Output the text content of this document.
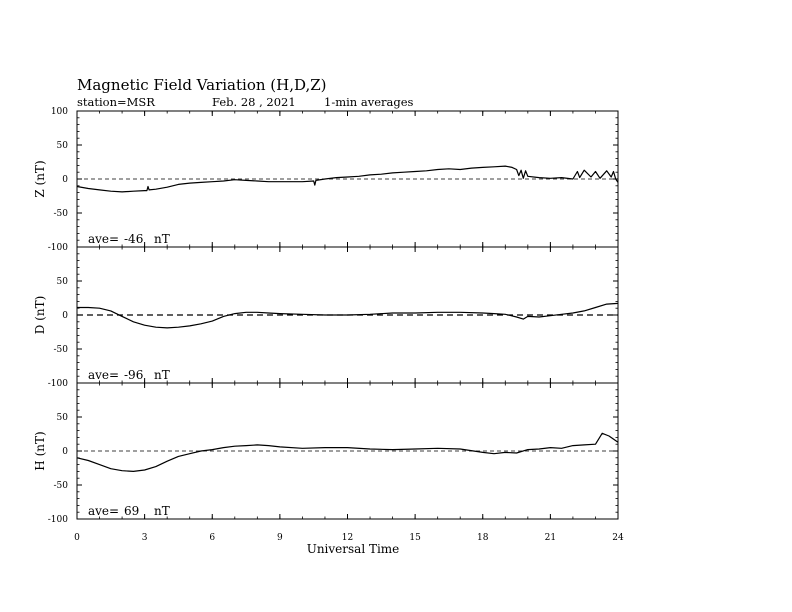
Magnetic Field Variation (H,D,Z)
station=MSR	Feb. 28 , 2021 1-min averages
100
50
0
-50
-100
Z (nT)
ave= -46 nT
50
0
-50
-100
D (nT)
ave= -96 nT
50
0
-50
-100
H (nT)
ave= 69 nT
0	3	6	9	12	15	18	21	24
Universal Time
